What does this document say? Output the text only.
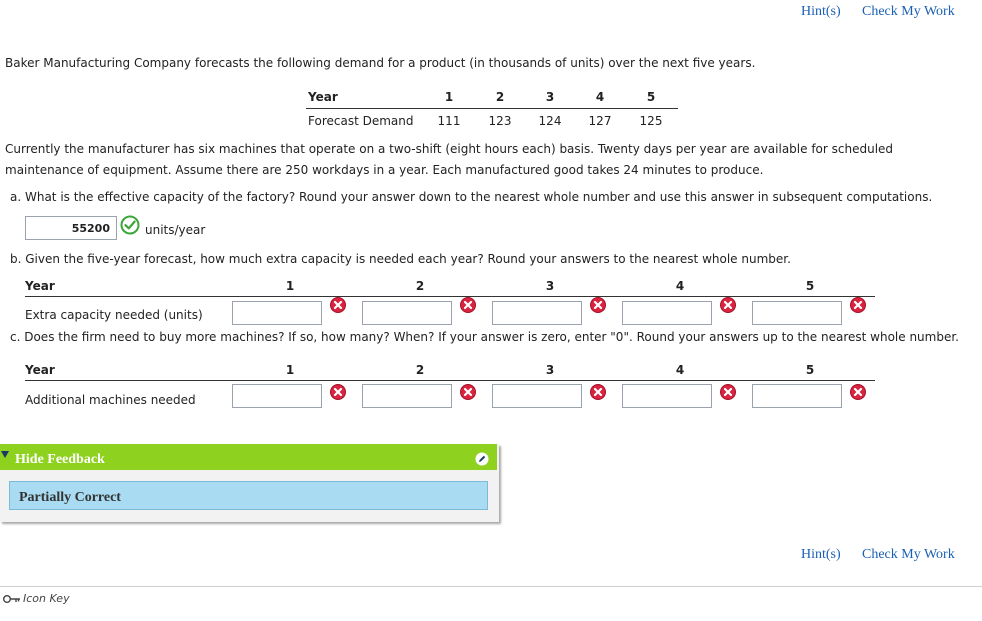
Hint(s) Check My Work
Baker Manufacturing Company forecasts the following demand for a product (in thousands of units) over the next five years.
Year	1	2	3	4	5
Forecast Demand 111 123 124 127 125
Currently the manufacturer has six machines that operate on a two-shift (eight hours each) basis. Twenty days per year are available for scheduled
maintenance of equipment. Assume there are 250 workdays in a year. Each manufactured good takes 24 minutes to produce.
a. What is the effective capacity of the factory? Round your answer down to the nearest whole number and use this answer in subsequent computations.
55200	units/year
b. Given the five-year forecast, how much extra capacity is needed each year? Round your answers to the nearest whole number.
Year	1	2	3	4	5
Extra capacity needed (units)
c. Does the firm need to buy more machines? If so, how many? When? If your answer is zero, enter "0". Round your answers up to the nearest whole number.
Year	1	2	3	4	5
Additional machines needed
Hide Feedback
Partially Correct
Hint(s) Check My Work
Icon Key
